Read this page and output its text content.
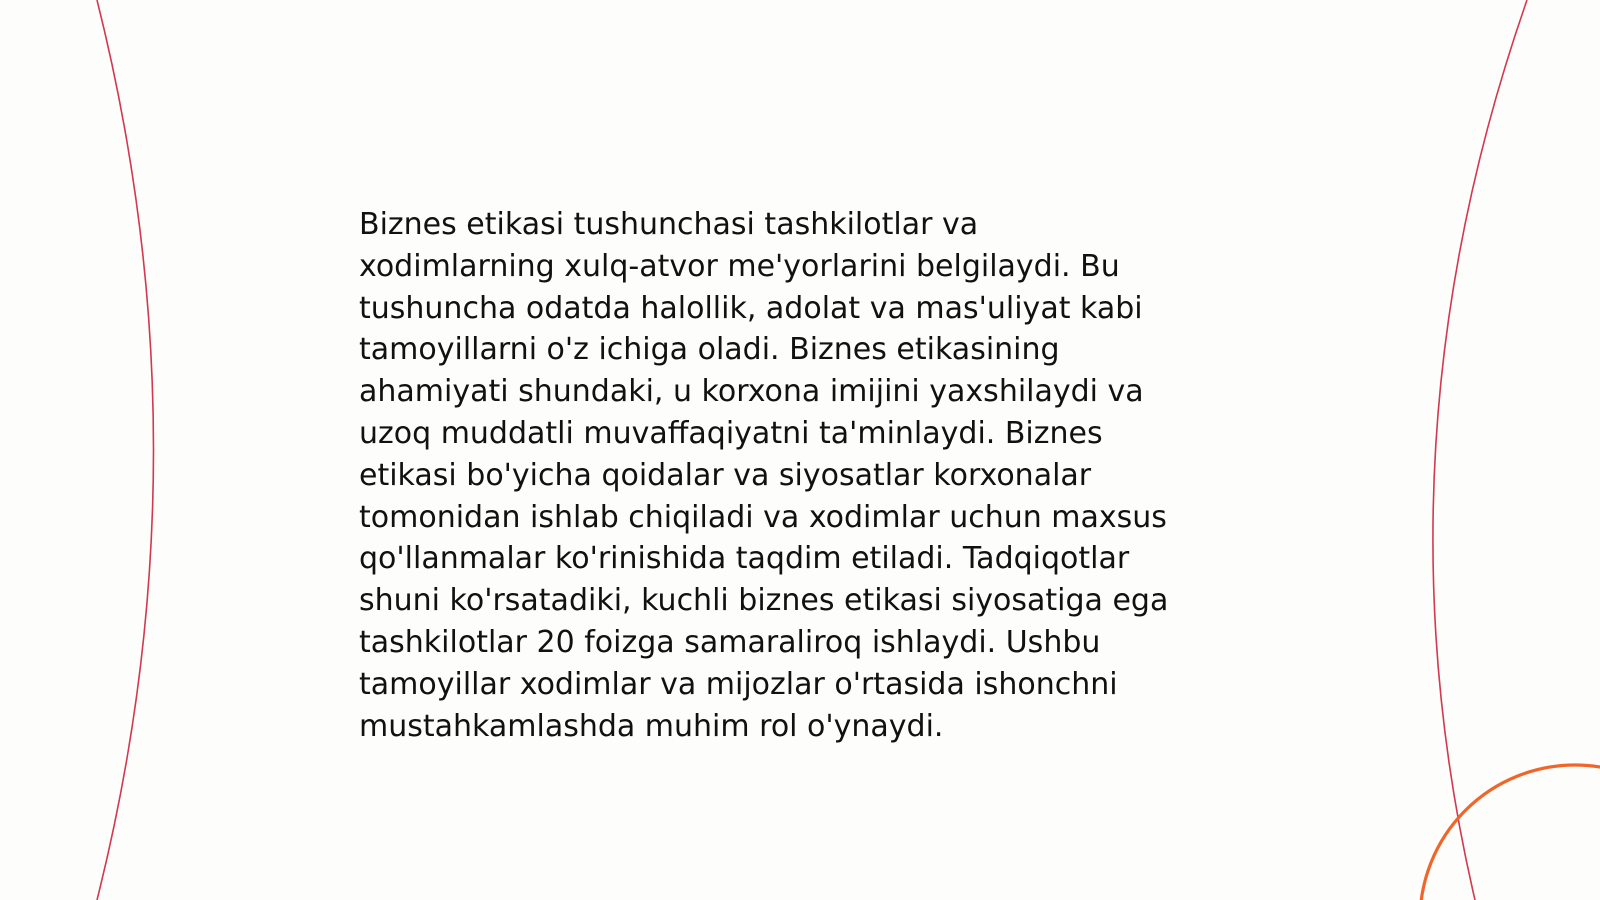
Biznes etikasi tushunchasi tashkilotlar va
xodimlarning xulq-atvor me'yorlarini belgilaydi. Bu
tushuncha odatda halollik, adolat va mas'uliyat kabi
tamoyillarni o'z ichiga oladi. Biznes etikasining
ahamiyati shundaki, u korxona imijini yaxshilaydi va
uzoq muddatli muvaffaqiyatni ta'minlaydi. Biznes
etikasi bo'yicha qoidalar va siyosatlar korxonalar
tomonidan ishlab chiqiladi va xodimlar uchun maxsus
qo'llanmalar ko'rinishida taqdim etiladi. Tadqiqotlar
shuni ko'rsatadiki, kuchli biznes etikasi siyosatiga ega
tashkilotlar 20 foizga samaraliroq ishlaydi. Ushbu
tamoyillar xodimlar va mijozlar o'rtasida ishonchni
mustahkamlashda muhim rol o'ynaydi.
